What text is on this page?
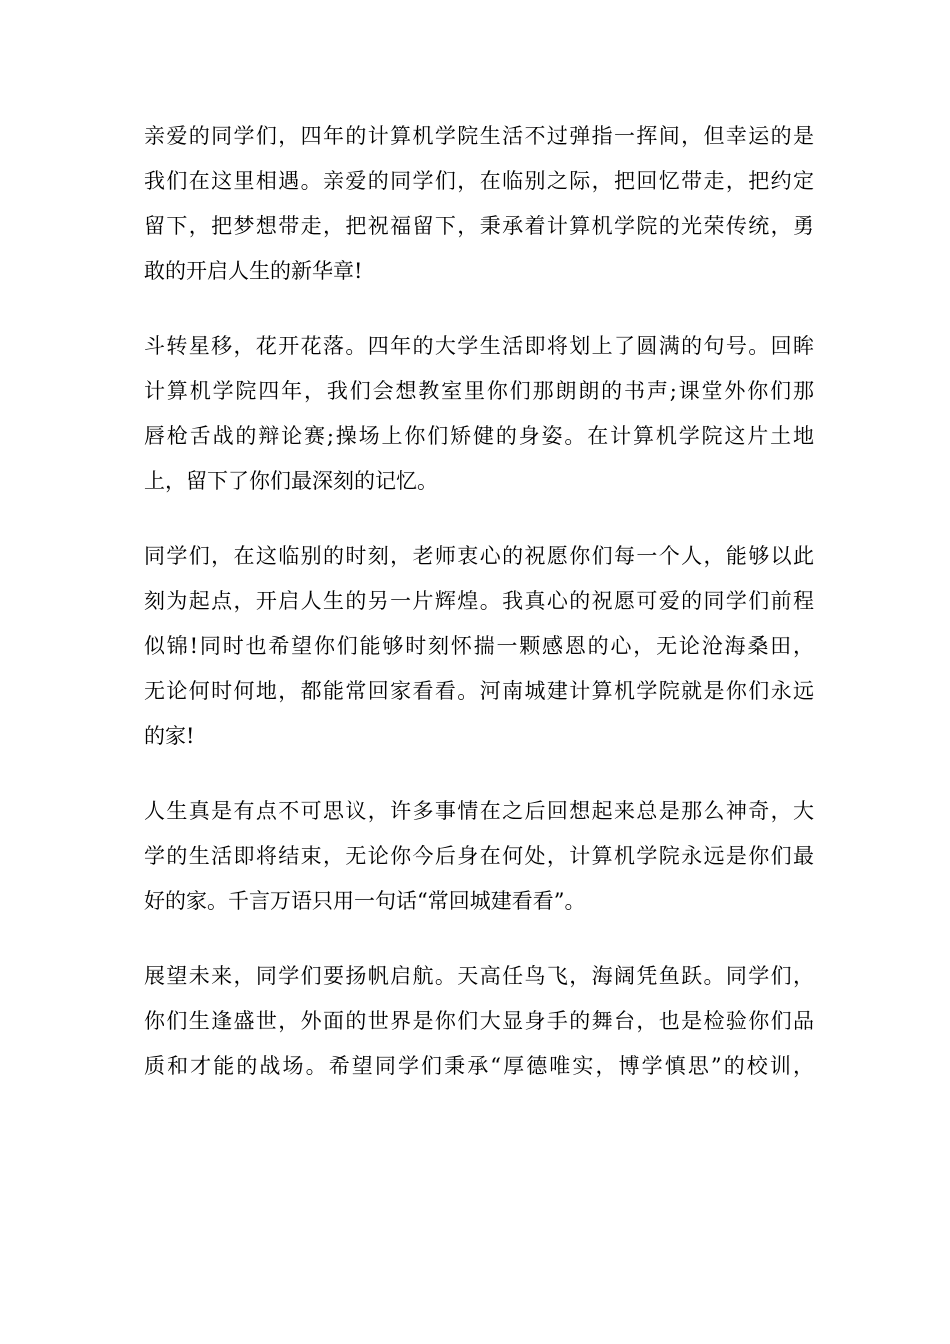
亲爱的同学们，四年的计算机学院生活不过弹指一挥间，但幸运的是
我们在这里相遇。亲爱的同学们，在临别之际，把回忆带走，把约定
留下，把梦想带走，把祝福留下，秉承着计算机学院的光荣传统，勇
敢的开启人生的新华章!
斗转星移，花开花落。四年的大学生活即将划上了圆满的句号。回眸
计算机学院四年，我们会想教室里你们那朗朗的书声;课堂外你们那
唇枪舌战的辩论赛;操场上你们矫健的身姿。在计算机学院这片土地
上，留下了你们最深刻的记忆。
同学们，在这临别的时刻，老师衷心的祝愿你们每一个人，能够以此
刻为起点，开启人生的另一片辉煌。我真心的祝愿可爱的同学们前程
似锦!同时也希望你们能够时刻怀揣一颗感恩的心，无论沧海桑田，
无论何时何地，都能常回家看看。河南城建计算机学院就是你们永远
的家!
人生真是有点不可思议，许多事情在之后回想起来总是那么神奇，大
学的生活即将结束，无论你今后身在何处，计算机学院永远是你们最
好的家。千言万语只用一句话“常回城建看看”。
展望未来，同学们要扬帆启航。天高任鸟飞，海阔凭鱼跃。同学们，
你们生逢盛世，外面的世界是你们大显身手的舞台，也是检验你们品
质和才能的战场。希望同学们秉承“厚德唯实，博学慎思”的校训，
